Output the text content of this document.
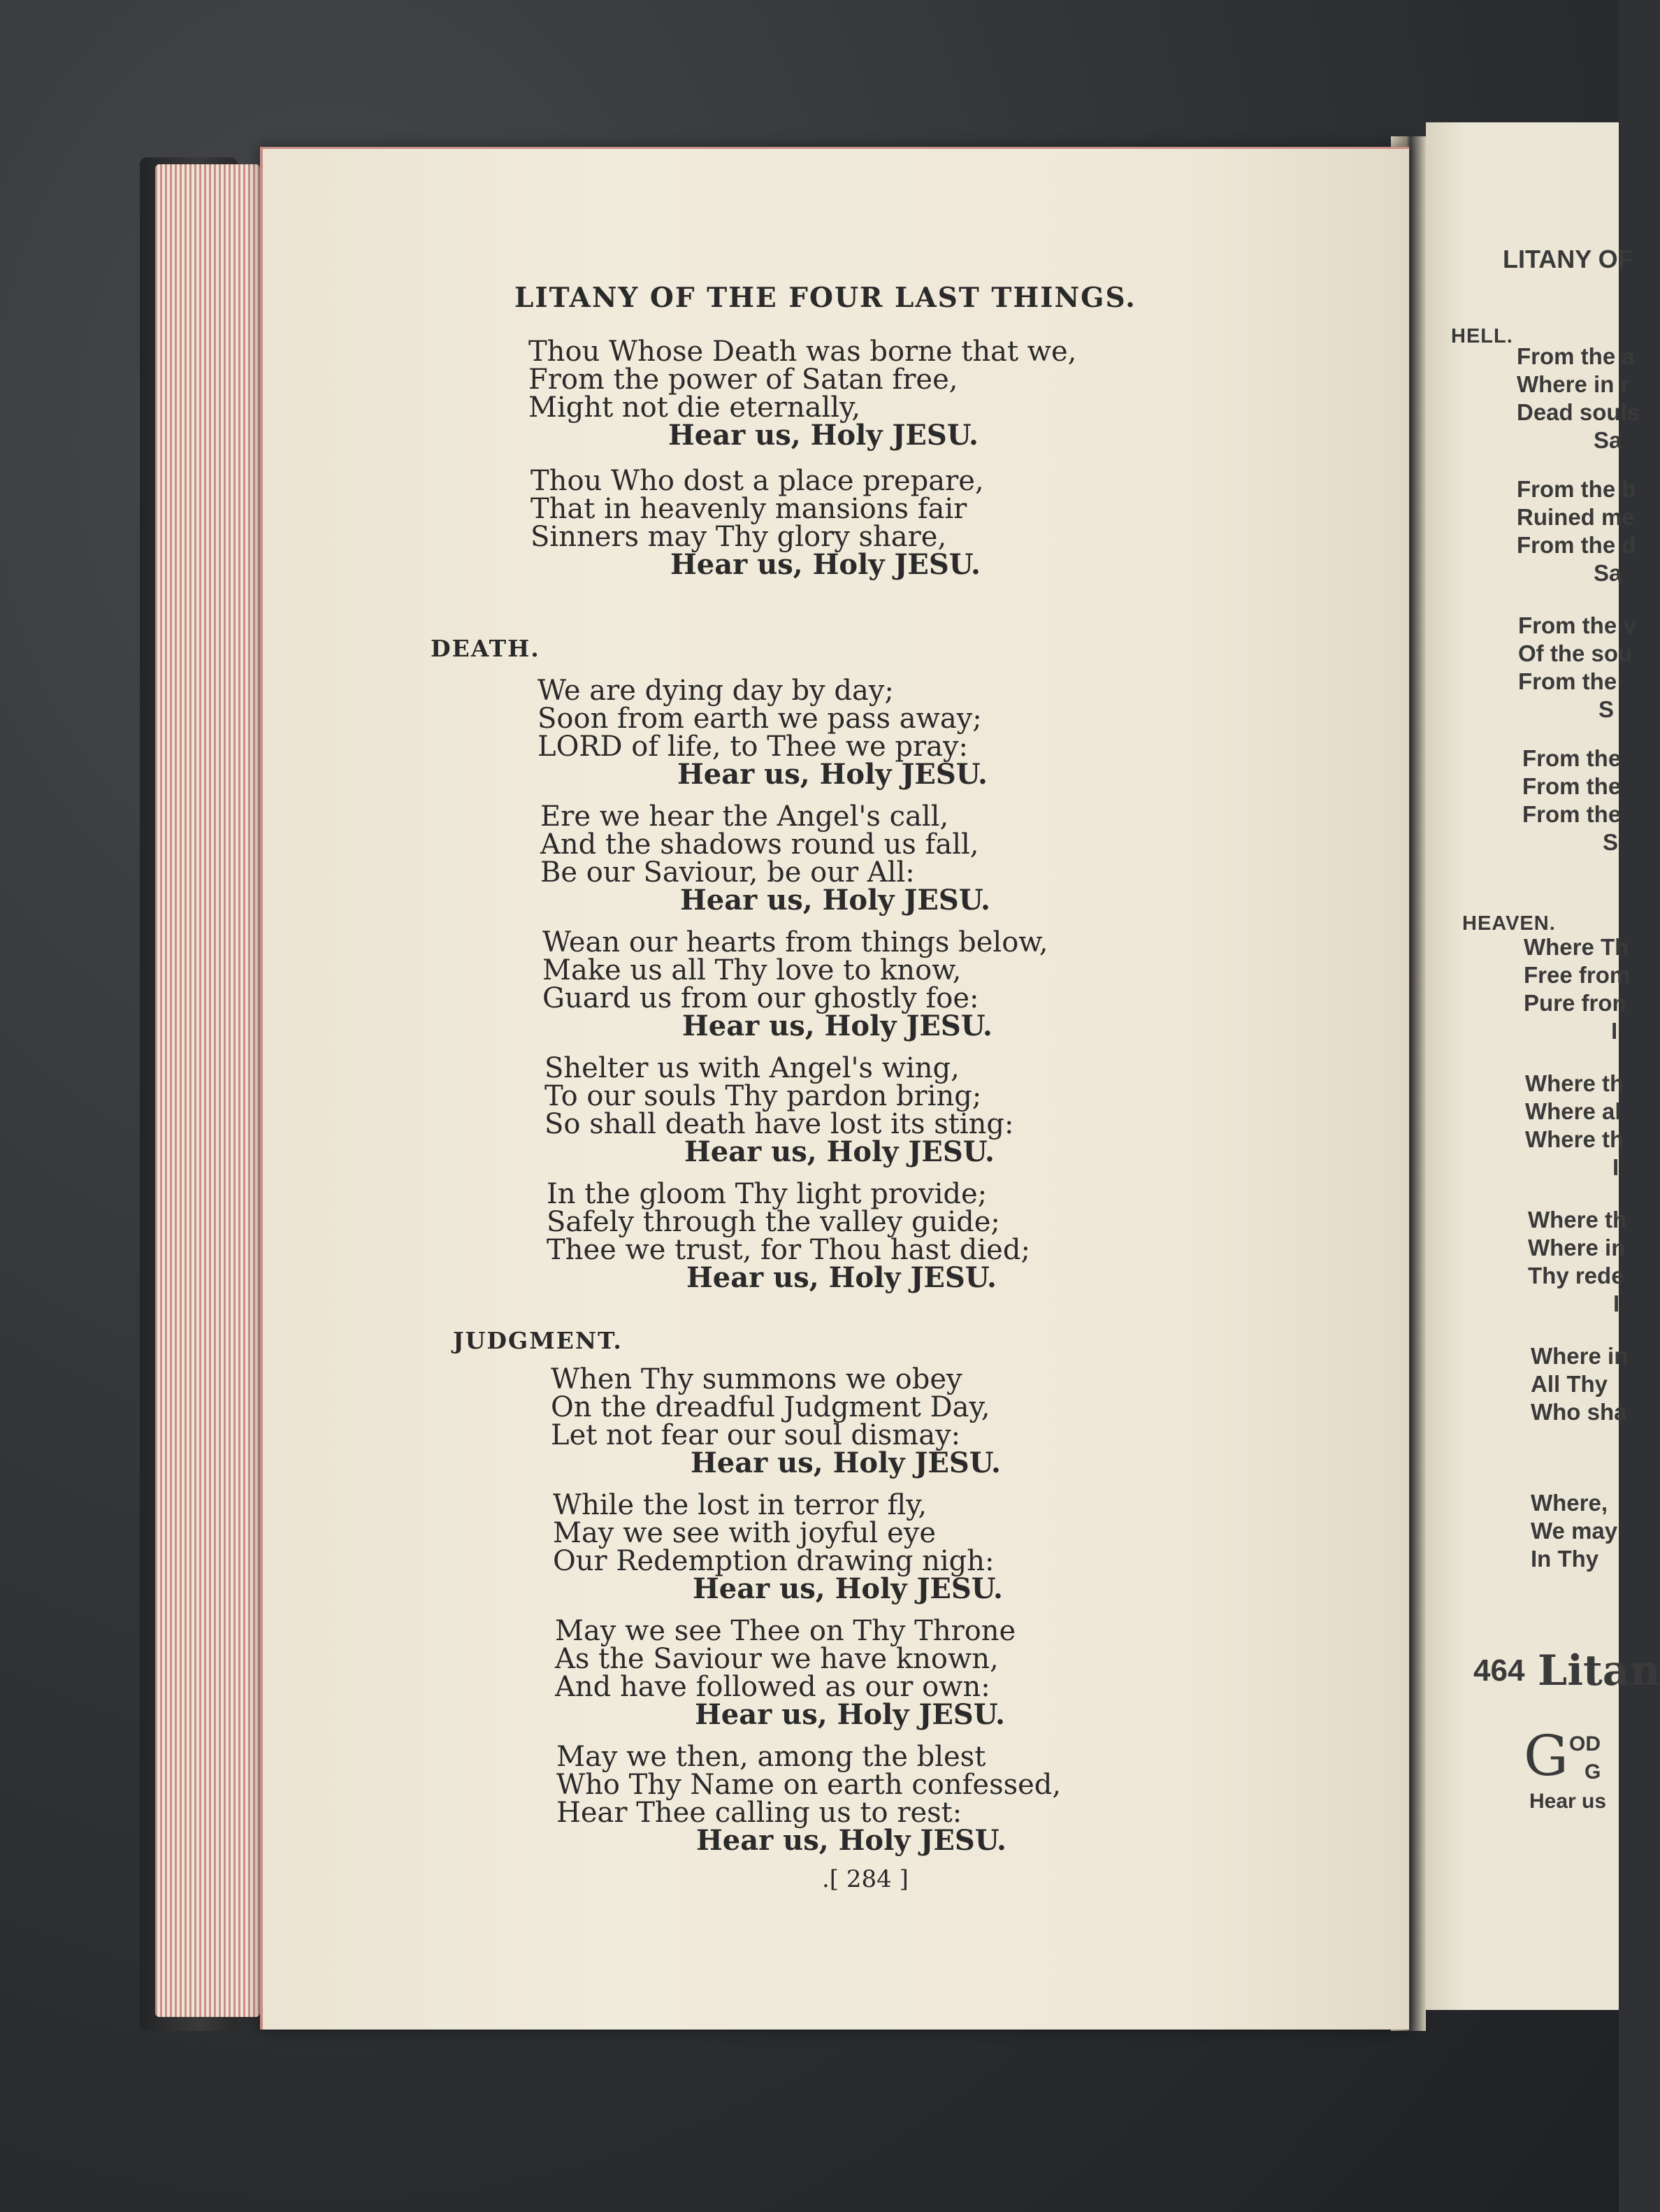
LITANY OF THE FOUR LAST THINGS.
Thou Whose Death was borne that we,
From the power of Satan free,
Might not die eternally,
Hear us, Holy JESU.
Thou Who dost a place prepare,
That in heavenly mansions fair
Sinners may Thy glory share,
Hear us, Holy JESU.
DEATH.
We are dying day by day;
Soon from earth we pass away;
LORD of life, to Thee we pray:
Hear us, Holy JESU.
Ere we hear the Angel's call,
And the shadows round us fall,
Be our Saviour, be our All:
Hear us, Holy JESU.
Wean our hearts from things below,
Make us all Thy love to know,
Guard us from our ghostly foe:
Hear us, Holy JESU.
Shelter us with Angel's wing,
To our souls Thy pardon bring;
So shall death have lost its sting:
Hear us, Holy JESU.
In the gloom Thy light provide;
Safely through the valley guide;
Thee we trust, for Thou hast died;
Hear us, Holy JESU.
JUDGMENT.
When Thy summons we obey
On the dreadful Judgment Day,
Let not fear our soul dismay:
Hear us, Holy JESU.
While the lost in terror fly,
May we see with joyful eye
Our Redemption drawing nigh:
Hear us, Holy JESU.
May we see Thee on Thy Throne
As the Saviour we have known,
And have followed as our own:
Hear us, Holy JESU.
May we then, among the blest
Who Thy Name on earth confessed,
Hear Thee calling us to rest:
Hear us, Holy JESU.
.[ 284 ]
LITANY OF
HELL.
From the a
Where in r
Dead souls
Sa
From the b
Ruined me
From the d
Sa
From the v
Of the sou
From the
S
From the
From the
From the
S
HEAVEN.
Where Th
Free from
Pure fron
I
Where th
Where al
Where th
I
Where th
Where in
Thy rede
I
Where in
All Thy
Who sha
Where,
We may
In Thy
464 Litan
G OD
G
Hear us
